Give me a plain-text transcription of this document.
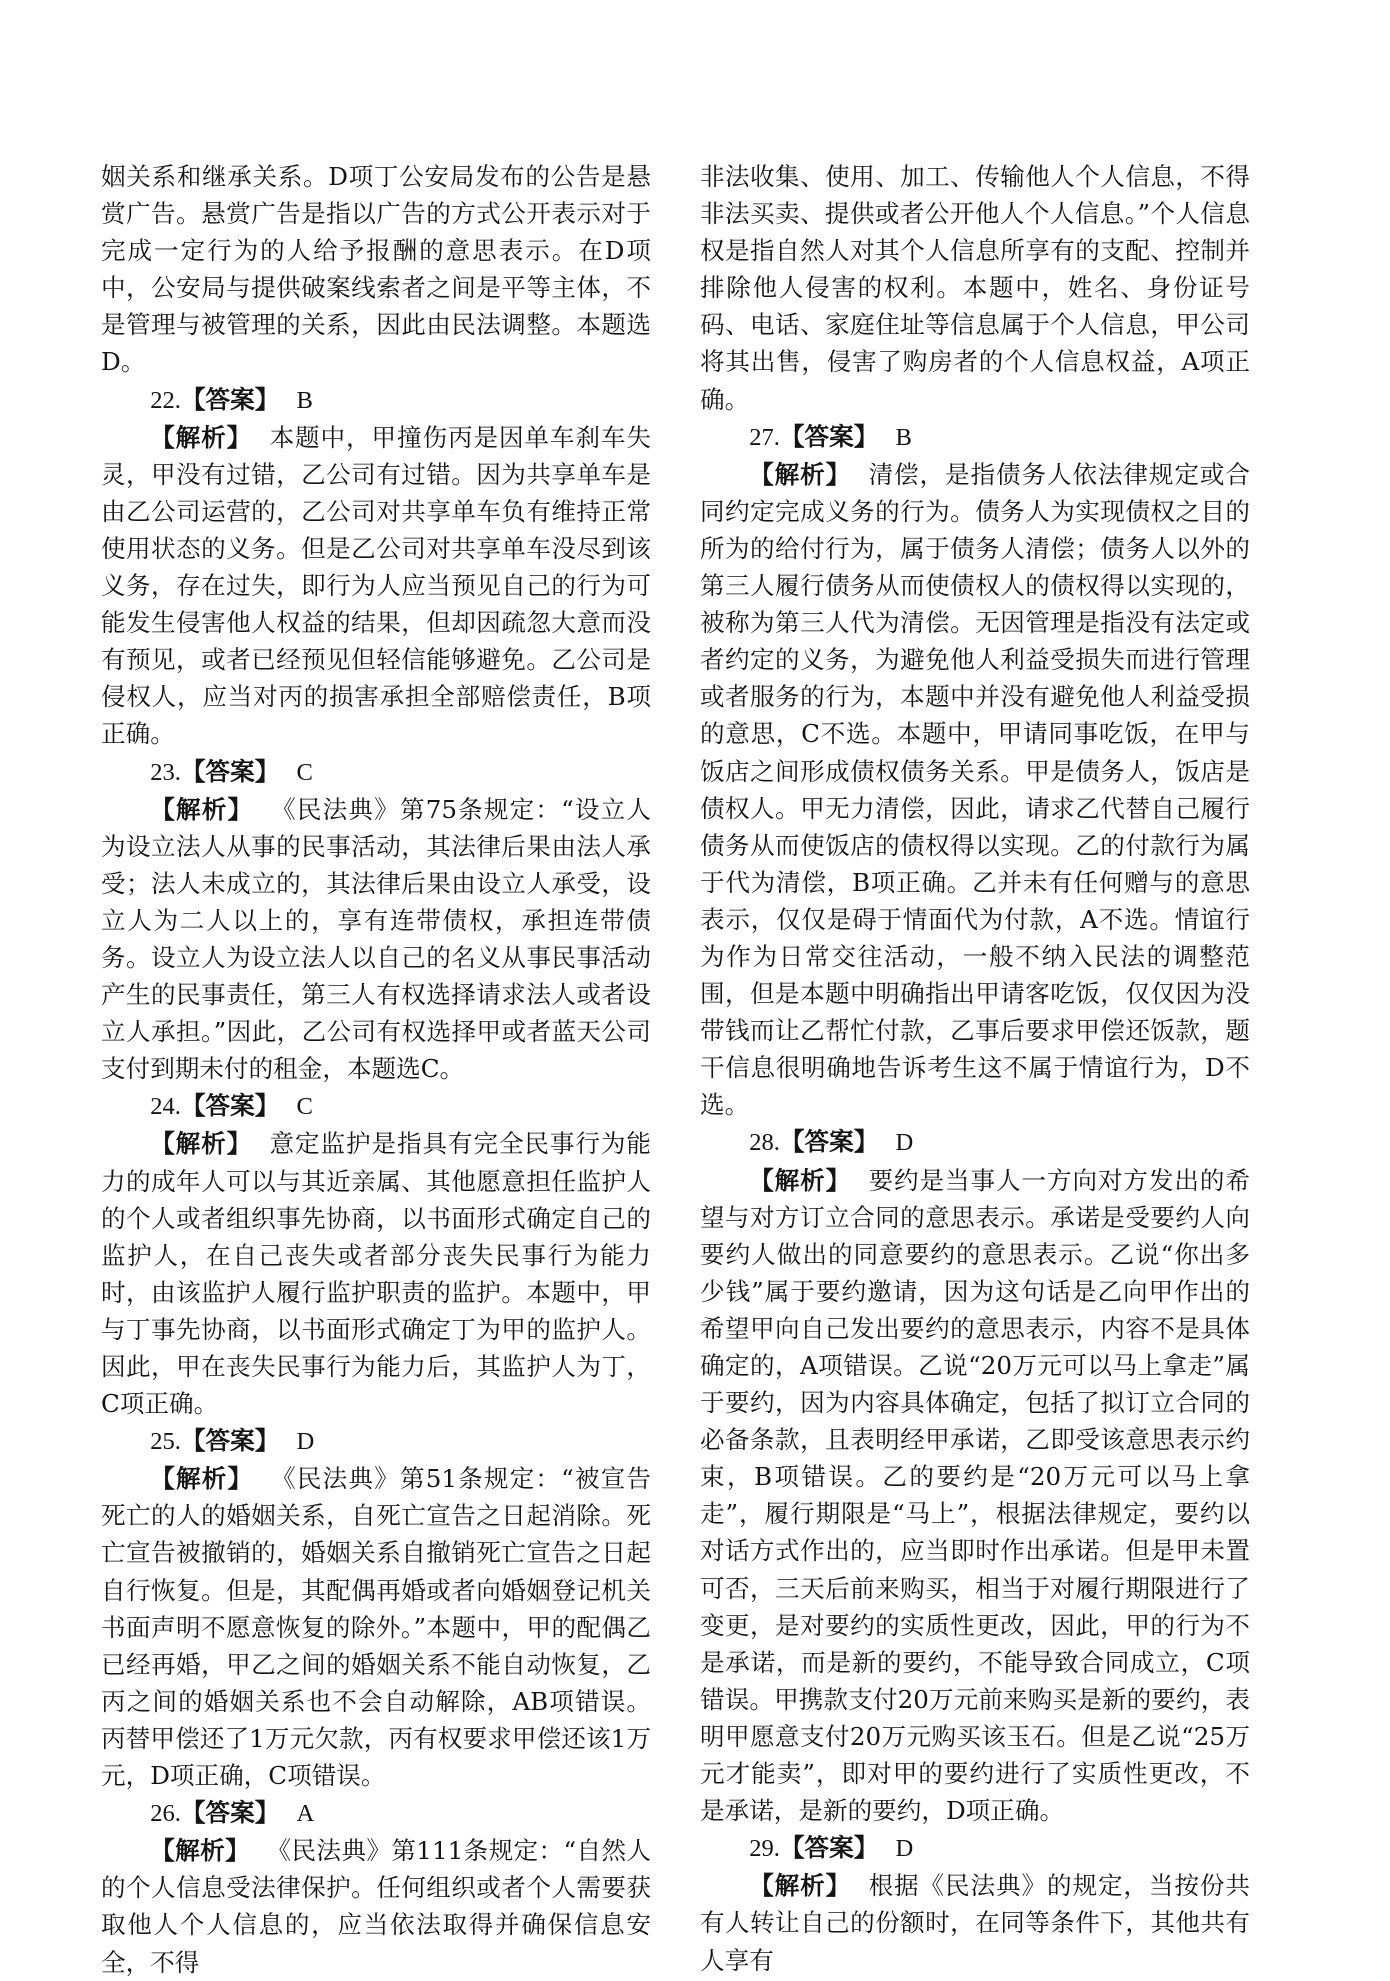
姻关系和继承关系。D项丁公安局发布的公告是悬赏广告。悬赏广告是指以广告的方式公开表示对于完成一定行为的人给予报酬的意思表示。在D项中，公安局与提供破案线索者之间是平等主体，不是管理与被管理的关系，因此由民法调整。本题选D。

22.【答案】 B

【解析】 本题中，甲撞伤丙是因单车刹车失灵，甲没有过错，乙公司有过错。因为共享单车是由乙公司运营的，乙公司对共享单车负有维持正常使用状态的义务。但是乙公司对共享单车没尽到该义务，存在过失，即行为人应当预见自己的行为可能发生侵害他人权益的结果，但却因疏忽大意而没有预见，或者已经预见但轻信能够避免。乙公司是侵权人，应当对丙的损害承担全部赔偿责任，B项正确。

23.【答案】 C

【解析】 《民法典》第75条规定：“设立人为设立法人从事的民事活动，其法律后果由法人承受；法人未成立的，其法律后果由设立人承受，设立人为二人以上的，享有连带债权，承担连带债务。设立人为设立法人以自己的名义从事民事活动产生的民事责任，第三人有权选择请求法人或者设立人承担。”因此，乙公司有权选择甲或者蓝天公司支付到期未付的租金，本题选C。

24.【答案】 C

【解析】 意定监护是指具有完全民事行为能力的成年人可以与其近亲属、其他愿意担任监护人的个人或者组织事先协商，以书面形式确定自己的监护人，在自己丧失或者部分丧失民事行为能力时，由该监护人履行监护职责的监护。本题中，甲与丁事先协商，以书面形式确定丁为甲的监护人。因此，甲在丧失民事行为能力后，其监护人为丁，C项正确。

25.【答案】 D

【解析】 《民法典》第51条规定：“被宣告死亡的人的婚姻关系，自死亡宣告之日起消除。死亡宣告被撤销的，婚姻关系自撤销死亡宣告之日起自行恢复。但是，其配偶再婚或者向婚姻登记机关书面声明不愿意恢复的除外。”本题中，甲的配偶乙已经再婚，甲乙之间的婚姻关系不能自动恢复，乙丙之间的婚姻关系也不会自动解除，AB项错误。丙替甲偿还了1万元欠款，丙有权要求甲偿还该1万元，D项正确，C项错误。

26.【答案】 A

【解析】 《民法典》第111条规定：“自然人的个人信息受法律保护。任何组织或者个人需要获取他人个人信息的，应当依法取得并确保信息安全，不得

非法收集、使用、加工、传输他人个人信息，不得非法买卖、提供或者公开他人个人信息。”个人信息权是指自然人对其个人信息所享有的支配、控制并排除他人侵害的权利。本题中，姓名、身份证号码、电话、家庭住址等信息属于个人信息，甲公司将其出售，侵害了购房者的个人信息权益，A项正确。

27.【答案】 B

【解析】 清偿，是指债务人依法律规定或合同约定完成义务的行为。债务人为实现债权之目的所为的给付行为，属于债务人清偿；债务人以外的第三人履行债务从而使债权人的债权得以实现的，被称为第三人代为清偿。无因管理是指没有法定或者约定的义务，为避免他人利益受损失而进行管理或者服务的行为，本题中并没有避免他人利益受损的意思，C不选。本题中，甲请同事吃饭，在甲与饭店之间形成债权债务关系。甲是债务人，饭店是债权人。甲无力清偿，因此，请求乙代替自己履行债务从而使饭店的债权得以实现。乙的付款行为属于代为清偿，B项正确。乙并未有任何赠与的意思表示，仅仅是碍于情面代为付款，A不选。情谊行为作为日常交往活动，一般不纳入民法的调整范围，但是本题中明确指出甲请客吃饭，仅仅因为没带钱而让乙帮忙付款，乙事后要求甲偿还饭款，题干信息很明确地告诉考生这不属于情谊行为，D不选。

28.【答案】 D

【解析】 要约是当事人一方向对方发出的希望与对方订立合同的意思表示。承诺是受要约人向要约人做出的同意要约的意思表示。乙说“你出多少钱”属于要约邀请，因为这句话是乙向甲作出的希望甲向自己发出要约的意思表示，内容不是具体确定的，A项错误。乙说“20万元可以马上拿走”属于要约，因为内容具体确定，包括了拟订立合同的必备条款，且表明经甲承诺，乙即受该意思表示约束，B项错误。乙的要约是“20万元可以马上拿走”，履行期限是“马上”，根据法律规定，要约以对话方式作出的，应当即时作出承诺。但是甲未置可否，三天后前来购买，相当于对履行期限进行了变更，是对要约的实质性更改，因此，甲的行为不是承诺，而是新的要约，不能导致合同成立，C项错误。甲携款支付20万元前来购买是新的要约，表明甲愿意支付20万元购买该玉石。但是乙说“25万元才能卖”，即对甲的要约进行了实质性更改，不是承诺，是新的要约，D项正确。

29.【答案】 D

【解析】 根据《民法典》的规定，当按份共有人转让自己的份额时，在同等条件下，其他共有人享有
